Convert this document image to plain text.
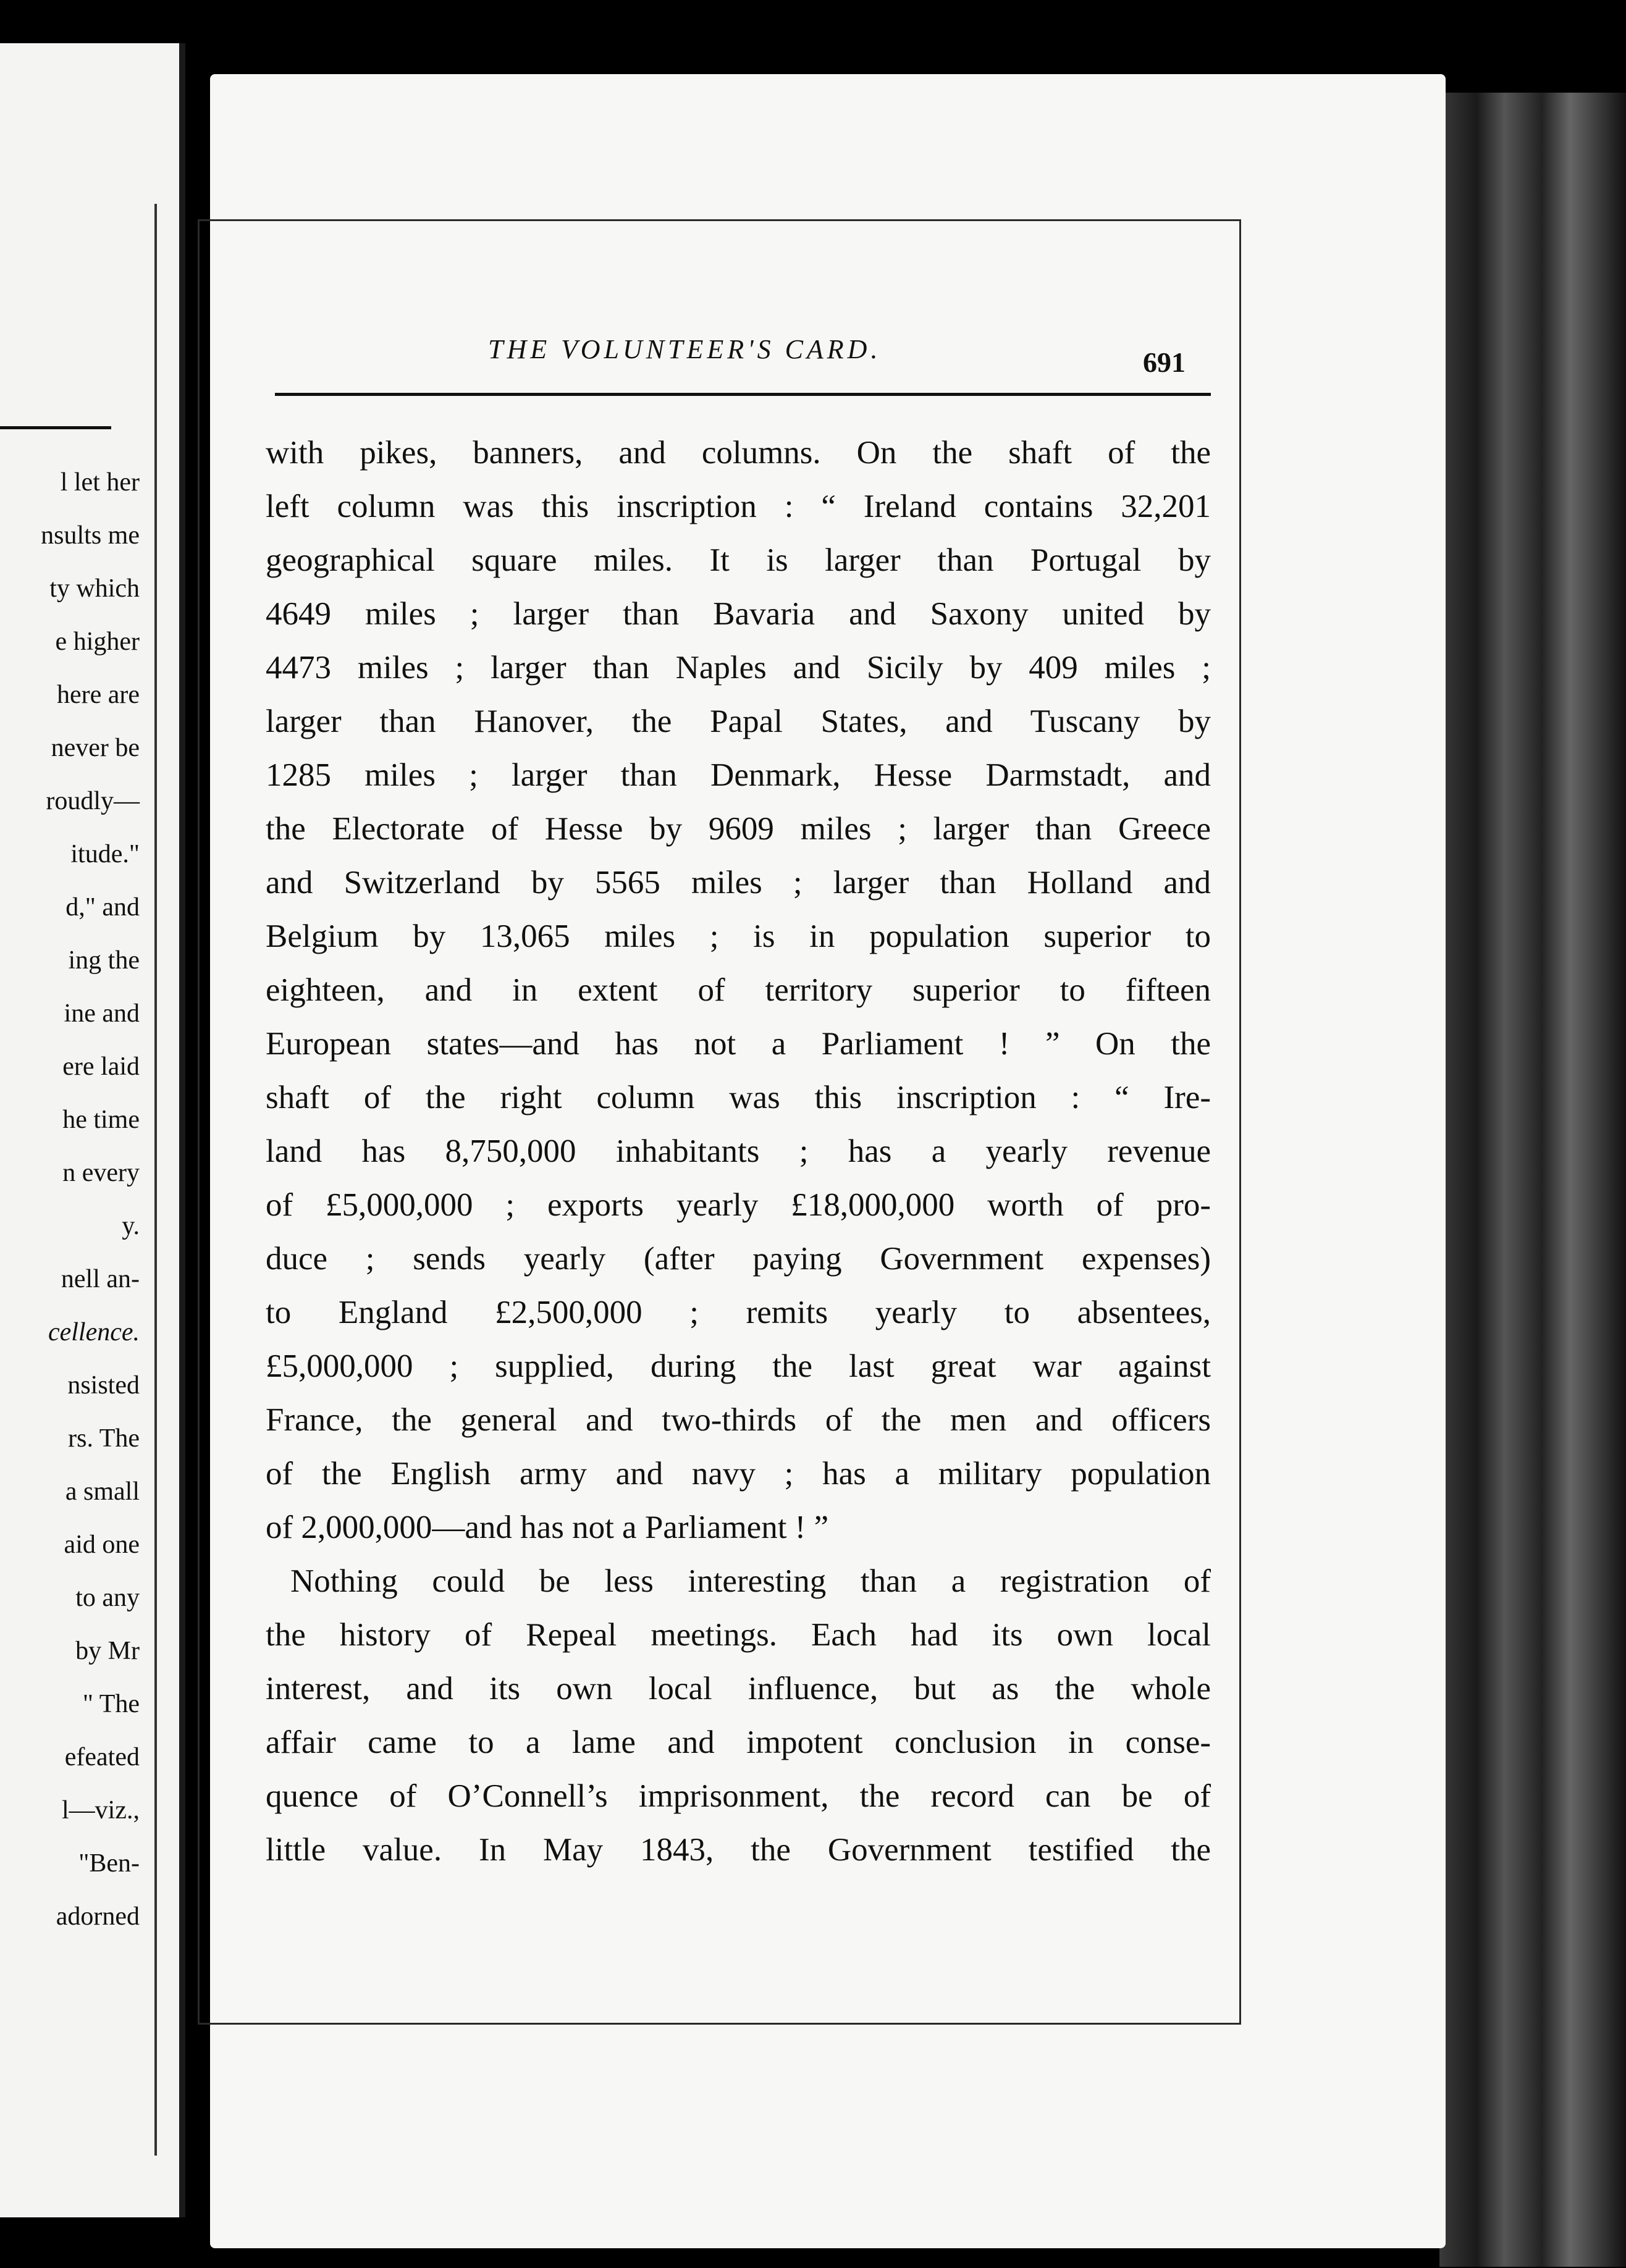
l let her
nsults me
ty which
e higher
here are
never be
roudly—
itude."
d," and
ing the
ine and
ere laid
he time
n every
y.
nell an-
cellence.
nsisted
rs. The
a small
aid one
to any
by Mr
" The
efeated
l—viz.,
"Ben-
adorned
THE VOLUNTEER'S CARD.	691
with pikes, banners, and columns. On the shaft of the
left column was this inscription : “ Ireland contains 32,201
geographical square miles. It is larger than Portugal by
4649 miles ; larger than Bavaria and Saxony united by
4473 miles ; larger than Naples and Sicily by 409 miles ;
larger than Hanover, the Papal States, and Tuscany by
1285 miles ; larger than Denmark, Hesse Darmstadt, and
the Electorate of Hesse by 9609 miles ; larger than Greece
and Switzerland by 5565 miles ; larger than Holland and
Belgium by 13,065 miles ; is in population superior to
eighteen, and in extent of territory superior to fifteen
European states—and has not a Parliament ! ” On the
shaft of the right column was this inscription : “ Ire-
land has 8,750,000 inhabitants ; has a yearly revenue
of £5,000,000 ; exports yearly £18,000,000 worth of pro-
duce ; sends yearly (after paying Government expenses)
to England £2,500,000 ; remits yearly to absentees,
£5,000,000 ; supplied, during the last great war against
France, the general and two-thirds of the men and officers
of the English army and navy ; has a military population
of 2,000,000—and has not a Parliament ! ”
Nothing could be less interesting than a registration of
the history of Repeal meetings. Each had its own local
interest, and its own local influence, but as the whole
affair came to a lame and impotent conclusion in conse-
quence of O’Connell’s imprisonment, the record can be of
little value. In May 1843, the Government testified the
